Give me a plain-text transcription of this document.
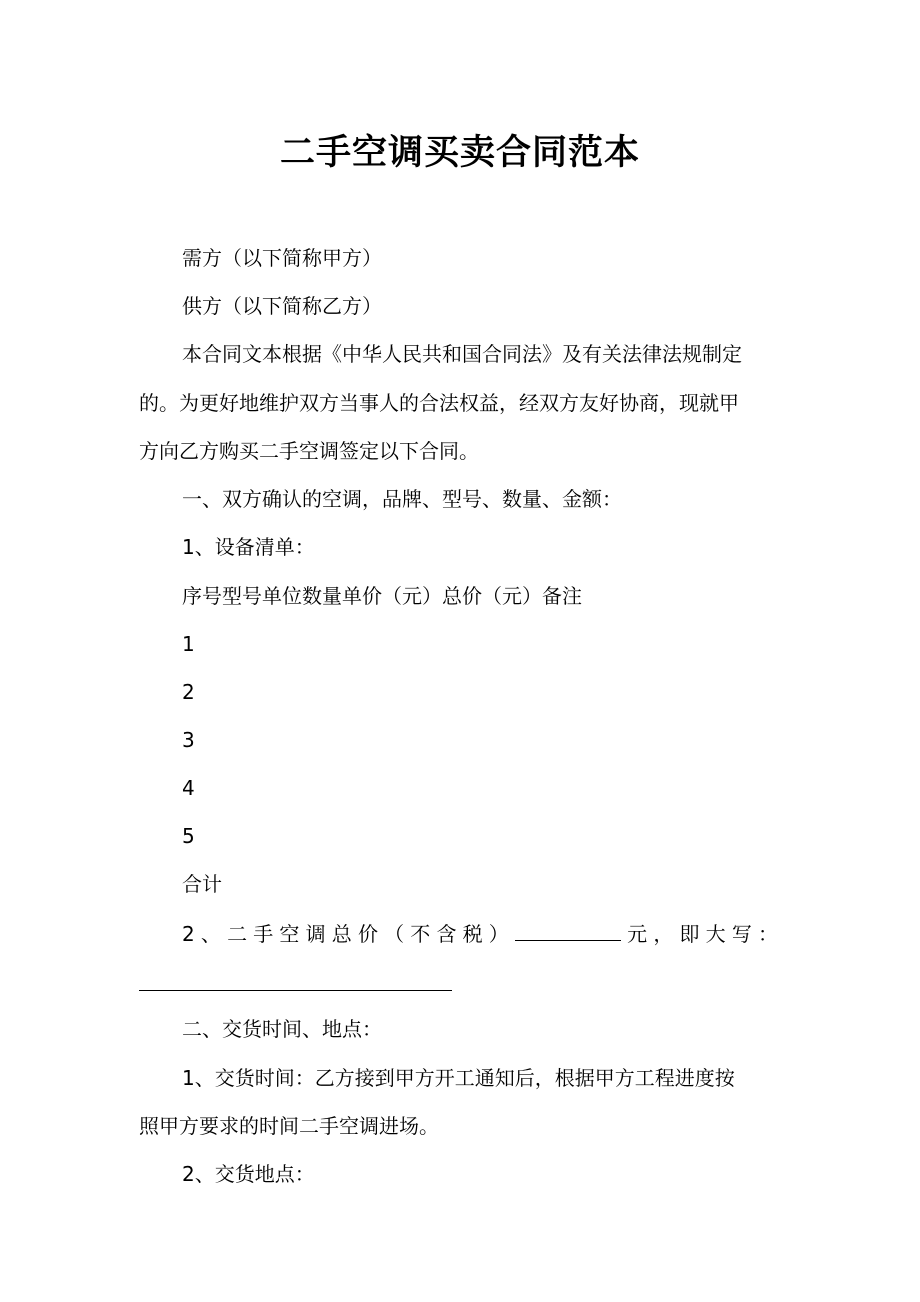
二手空调买卖合同范本
需方（以下简称甲方）
供方（以下简称乙方）
本合同文本根据《中华人民共和国合同法》及有关法律法规制定
的。为更好地维护双方当事人的合法权益，经双方友好协商，现就甲
方向乙方购买二手空调签定以下合同。
一、双方确认的空调，品牌、型号、数量、金额：
1、设备清单：
序号型号单位数量单价（元）总价（元）备注
1
2
3
4
5
合计
2 、 二 手 空 调 总 价 （ 不 含 税 ）	元 ， 即 大 写 ：
二、交货时间、地点：
1、交货时间：乙方接到甲方开工通知后，根据甲方工程进度按
照甲方要求的时间二手空调进场。
2、交货地点：
